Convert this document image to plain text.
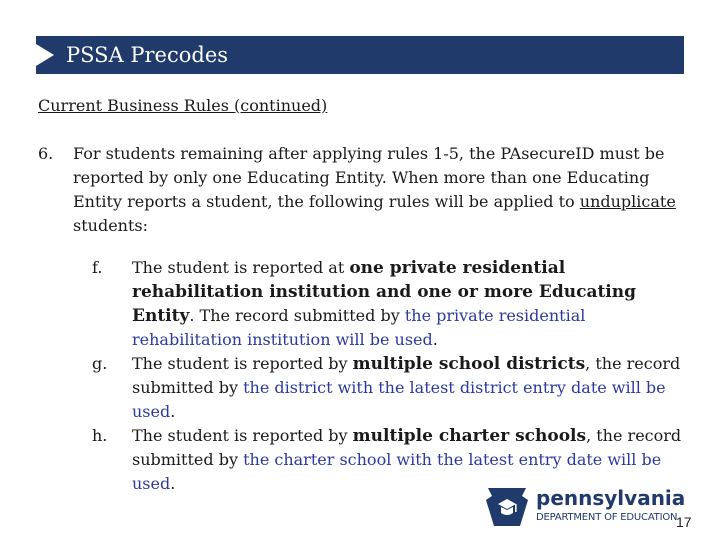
PSSA Precodes
Current Business Rules (continued)
6. For students remaining after applying rules 1-5, the PAsecureID must be reported by only one Educating Entity. When more than one Educating Entity reports a student, the following rules will be applied to unduplicate students:
f. The student is reported at one private residential rehabilitation institution and one or more Educating Entity. The record submitted by the private residential rehabilitation institution will be used.
g. The student is reported by multiple school districts, the record submitted by the district with the latest district entry date will be used.
h. The student is reported by multiple charter schools, the record submitted by the charter school with the latest entry date will be used.
pennsylvania
DEPARTMENT OF EDUCATION
17
